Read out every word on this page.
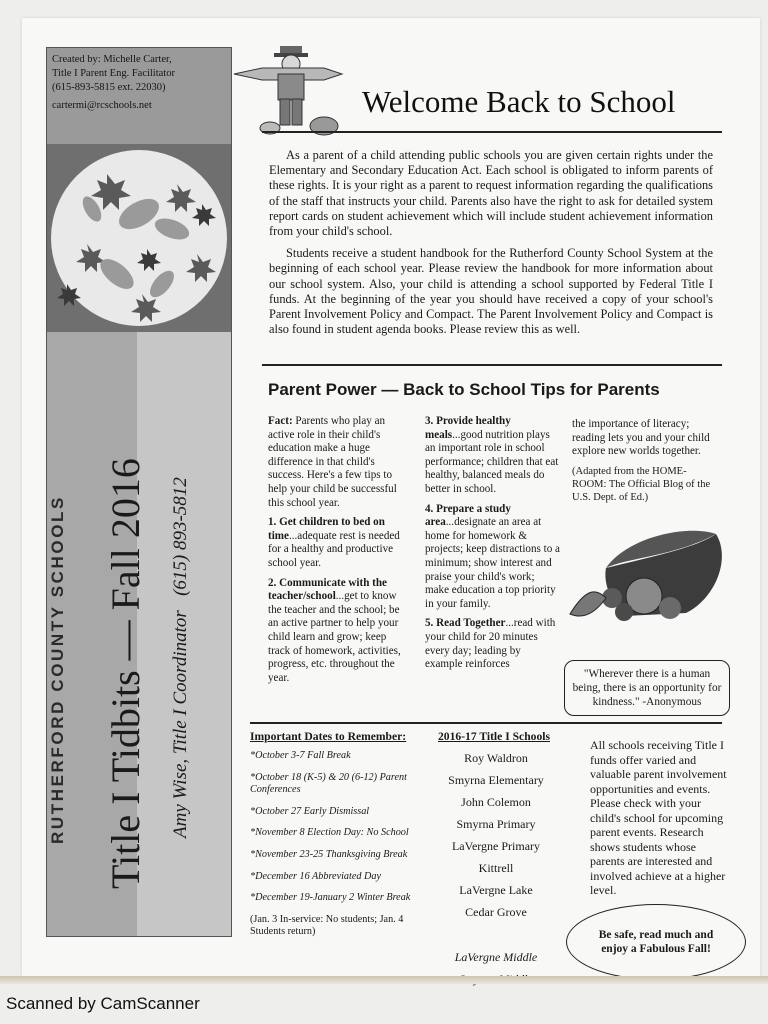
Created by: Michelle Carter,
Title I Parent Eng. Facilitator
(615-893-5815 ext. 22030)
cartermi@rcschools.net
RUTHERFORD COUNTY SCHOOLS Title I Tidbits — Fall 2016 Amy Wise, Title I Coordinator   (615) 893-5812
Welcome Back to School

As a parent of a child attending public schools you are given certain rights under the Elementary and Secondary Education Act. Each school is obligated to inform parents of these rights. It is your right as a parent to request information regarding the qualifications of the staff that instructs your child. Parents also have the right to ask for detailed system report cards on student achievement which will include student achievement information from your child's school.

Students receive a student handbook for the Rutherford County School System at the beginning of each school year. Please review the handbook for more information about our school system. Also, your child is attending a school supported by Federal Title I funds. At the beginning of the year you should have received a copy of your school's Parent Involvement Policy and Compact. The Parent Involvement Policy and Compact is also found in student agenda books. Please review this as well.

Parent Power — Back to School Tips for Parents

Fact: Parents who play an active role in their child's education make a huge difference in that child's success. Here's a few tips to help your child be successful this school year.

1. Get children to bed on time...adequate rest is needed for a healthy and productive school year.

2. Communicate with the teacher/school...get to know the teacher and the school; be an active partner to help your child learn and grow; keep track of homework, activities, progress, etc. throughout the year.

3. Provide healthy meals...good nutrition plays an important role in school performance; children that eat healthy, balanced meals do better in school.

4. Prepare a study area...designate an area at home for homework & projects; keep distractions to a minimum; show interest and praise your child's work; make education a top priority in your family.

5. Read Together...read with your child for 20 minutes every day; leading by example reinforces

the importance of literacy; reading lets you and your child explore new worlds together.

(Adapted from the HOME-ROOM: The Official Blog of the U.S. Dept. of Ed.)

"Wherever there is a human being, there is an opportunity for kindness." -Anonymous
Important Dates to Remember:
*October 3-7 Fall Break
*October 18 (K-5) & 20 (6-12) Parent Conferences
*October 27 Early Dismissal
*November 8 Election Day: No School
*November 23-25 Thanksgiving Break
*December 16 Abbreviated Day
*December 19-January 2 Winter Break
(Jan. 3 In-service: No students; Jan. 4 Students return)
2016-17 Title I Schools
Roy Waldron
Smyrna Elementary
John Colemon
Smyrna Primary
LaVergne Primary
Kittrell
LaVergne Lake
Cedar Grove
LaVergne Middle
All schools receiving Title I funds offer varied and valuable parent involvement opportunities and events. Please check with your child's school for upcoming parent events. Research shows students whose parents are interested and involved achieve at a higher level.
Be safe, read much and enjoy a Fabulous Fall!
Scanned by CamScanner
